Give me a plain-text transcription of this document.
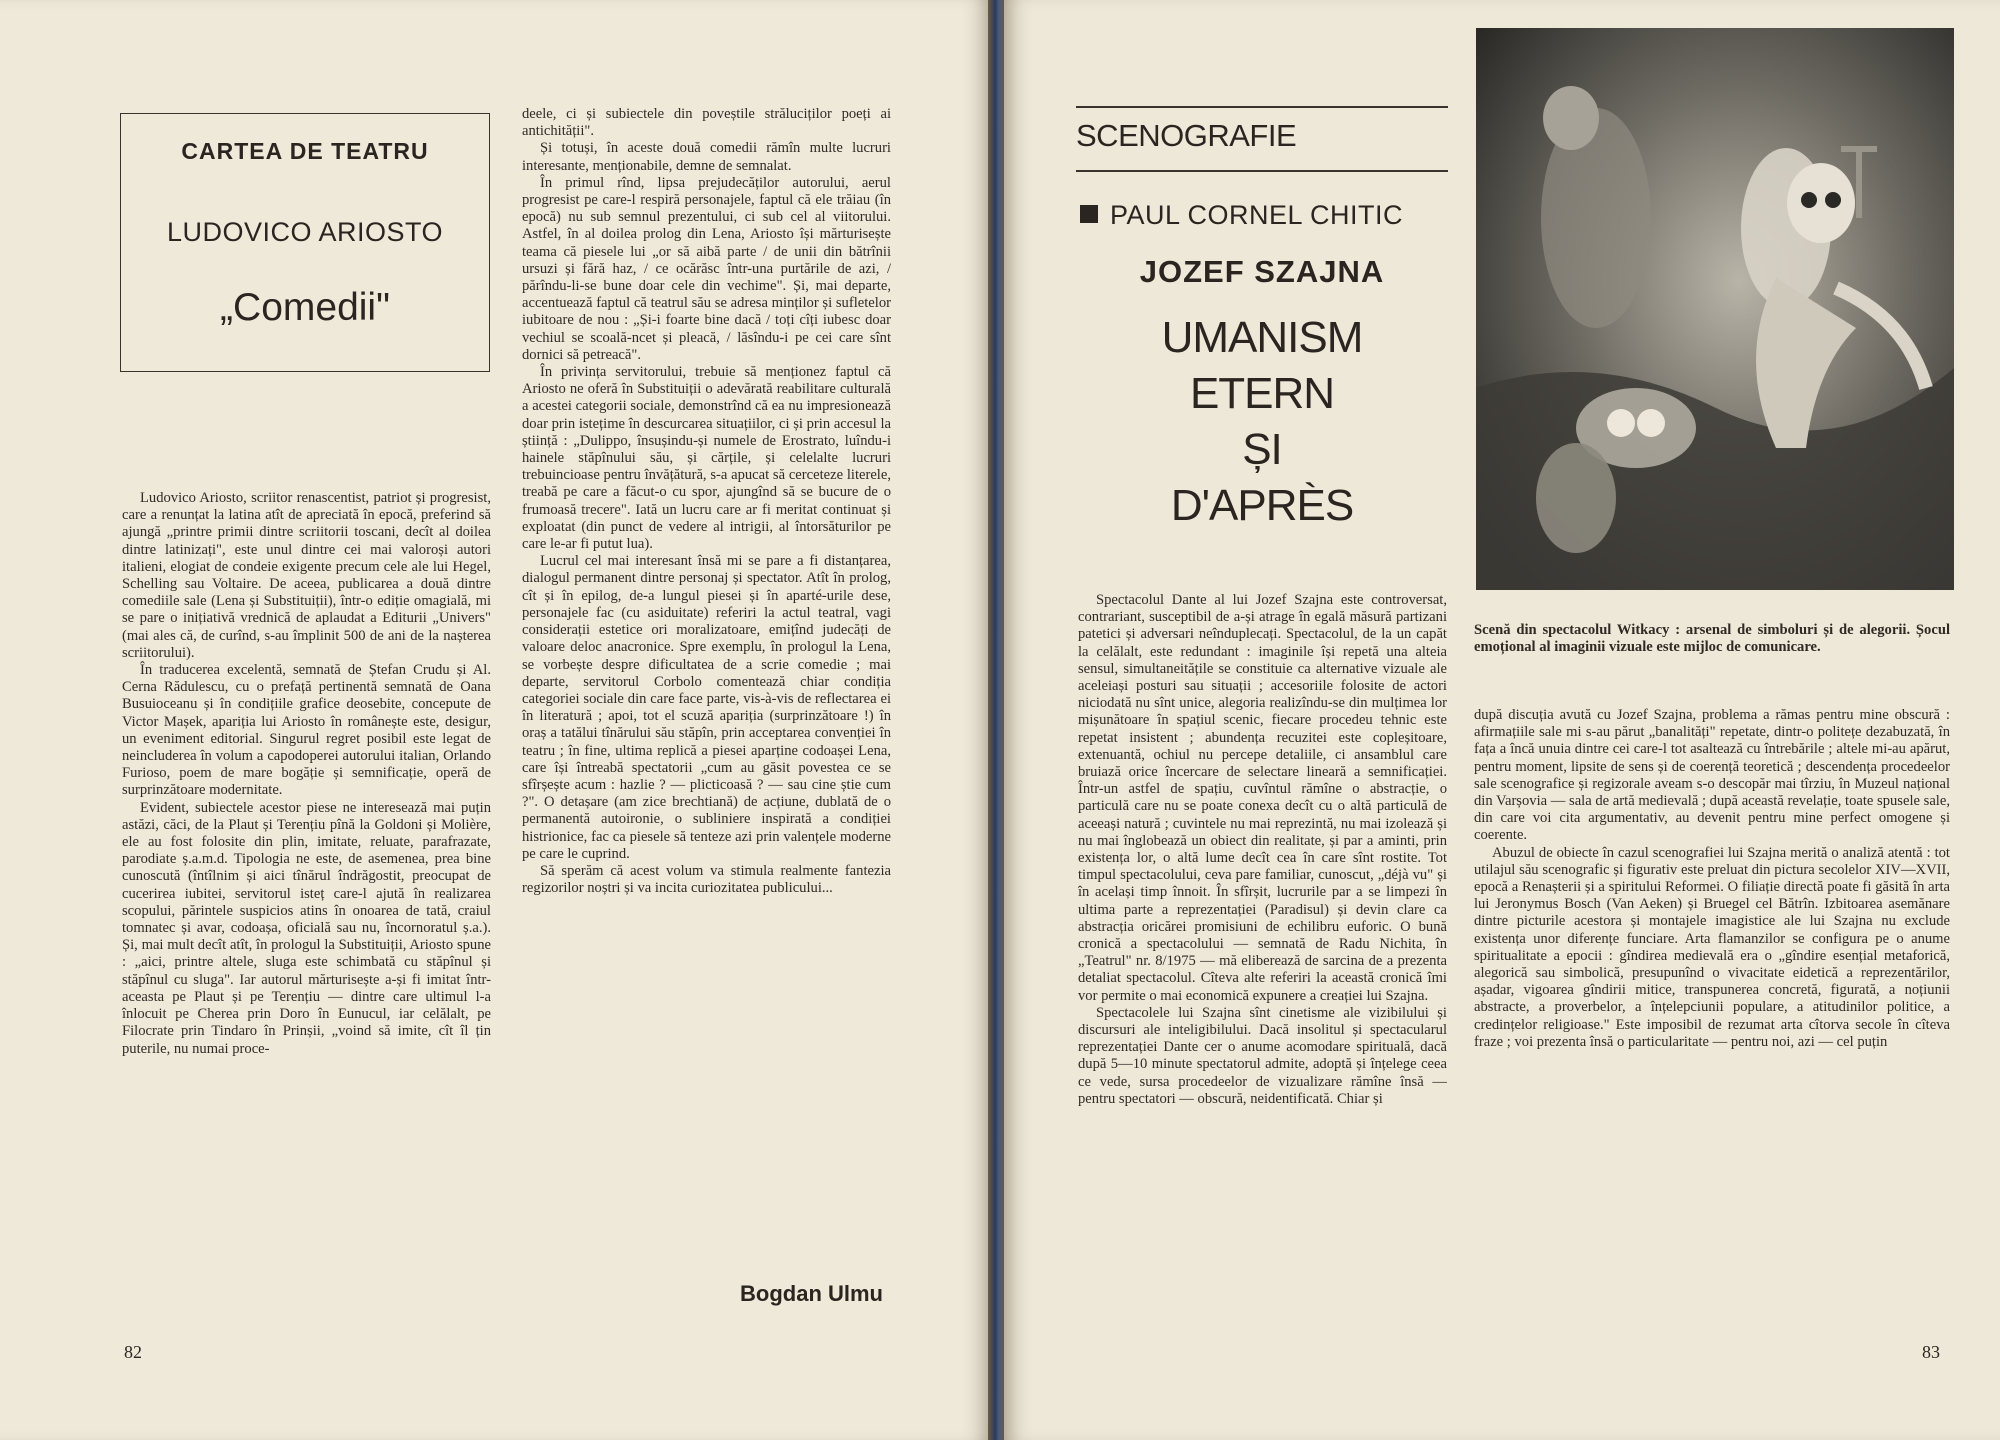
CARTEA DE TEATRU
LUDOVICO ARIOSTO
„Comedii"

Ludovico Ariosto, scriitor renascentist, patriot și progresist, care a renunțat la latina atît de apreciată în epocă, preferind să ajungă „printre primii dintre scriitorii toscani, decît al doilea dintre latinizați", este unul dintre cei mai valoroși autori italieni, elogiat de condeie exigente precum cele ale lui Hegel, Schelling sau Voltaire. De aceea, publicarea a două dintre comediile sale (Lena și Substituiții), într-o ediție omagială, mi se pare o inițiativă vrednică de aplaudat a Editurii „Univers" (mai ales că, de curînd, s-au împlinit 500 de ani de la nașterea scriitorului).

În traducerea excelentă, semnată de Ștefan Crudu și Al. Cerna Rădulescu, cu o prefață pertinentă semnată de Oana Busuioceanu și în condițiile grafice deosebite, concepute de Victor Mașek, apariția lui Ariosto în românește este, desigur, un eveniment editorial. Singurul regret posibil este legat de neincluderea în volum a capodoperei autorului italian, Orlando Furioso, poem de mare bogăție și semnificație, operă de surprinzătoare modernitate.

Evident, subiectele acestor piese ne interesează mai puțin astăzi, căci, de la Plaut și Terențiu pînă la Goldoni și Molière, ele au fost folosite din plin, imitate, reluate, parafrazate, parodiate ș.a.m.d. Tipologia ne este, de asemenea, prea bine cunoscută (întîlnim și aici tînărul îndrăgostit, preocupat de cucerirea iubitei, servitorul isteț care-l ajută în realizarea scopului, părintele suspicios atins în onoarea de tată, craiul tomnatec și avar, codoașa, oficială sau nu, încornoratul ș.a.). Și, mai mult decît atît, în prologul la Substituiții, Ariosto spune : „aici, printre altele, sluga este schimbată cu stăpînul și stăpînul cu sluga". Iar autorul mărturisește a-și fi imitat într-aceasta pe Plaut și pe Terențiu — dintre care ultimul l-a înlocuit pe Cherea prin Doro în Eunucul, iar celălalt, pe Filocrate prin Tindaro în Prinșii, „voind să imite, cît îl țin puterile, nu numai proce-

deele, ci și subiectele din poveștile străluciților poeți ai antichității".

Și totuși, în aceste două comedii rămîn multe lucruri interesante, menționabile, demne de semnalat.

În primul rînd, lipsa prejudecăților autorului, aerul progresist pe care-l respiră personajele, faptul că ele trăiau (în epocă) nu sub semnul prezentului, ci sub cel al viitorului. Astfel, în al doilea prolog din Lena, Ariosto își mărturisește teama că piesele lui „or să aibă parte / de unii din bătrînii ursuzi și fără haz, / ce ocărăsc într-una purtările de azi, / părîndu-li-se bune doar cele din vechime". Și, mai departe, accentuează faptul că teatrul său se adresa minților și sufletelor iubitoare de nou : „Și-i foarte bine dacă / toți cîți iubesc doar vechiul se scoală-ncet și pleacă, / lăsîndu-i pe cei care sînt dornici să petreacă".

În privința servitorului, trebuie să menționez faptul că Ariosto ne oferă în Substituiții o adevărată reabilitare culturală a acestei categorii sociale, demonstrînd că ea nu impresionează doar prin istețime în descurcarea situațiilor, ci și prin accesul la știință : „Dulippo, însușindu-și numele de Erostrato, luîndu-i hainele stăpînului său, și cărțile, și celelalte lucruri trebuincioase pentru învățătură, s-a apucat să cerceteze literele, treabă pe care a făcut-o cu spor, ajungînd să se bucure de o frumoasă trecere". Iată un lucru care ar fi meritat continuat și exploatat (din punct de vedere al intrigii, al întorsăturilor pe care le-ar fi putut lua).

Lucrul cel mai interesant însă mi se pare a fi distanțarea, dialogul permanent dintre personaj și spectator. Atît în prolog, cît și în epilog, de-a lungul piesei și în aparté-urile dese, personajele fac (cu asiduitate) referiri la actul teatral, vagi considerații estetice ori moralizatoare, emițînd judecăți de valoare deloc anacronice. Spre exemplu, în prologul la Lena, se vorbește despre dificultatea de a scrie comedie ; mai departe, servitorul Corbolo comentează chiar condiția categoriei sociale din care face parte, vis-à-vis de reflectarea ei în literatură ; apoi, tot el scuză apariția (surprinzătoare !) în oraș a tatălui tînărului său stăpîn, prin acceptarea convenției în teatru ; în fine, ultima replică a piesei aparține codoașei Lena, care își întreabă spectatorii „cum au găsit povestea ce se sfîrșește acum : hazlie ? — plicticoasă ? — sau cine știe cum ?". O detașare (am zice brechtiană) de acțiune, dublată de o permanentă autoironie, o subliniere inspirată a condiției histrionice, fac ca piesele să tenteze azi prin valențele moderne pe care le cuprind.

Să sperăm că acest volum va stimula realmente fantezia regizorilor noștri și va incita curiozitatea publicului...

Bogdan Ulmu
82
SCENOGRAFIE
PAUL CORNEL CHITIC
JOZEF SZAJNA
UMANISM
ETERN
ȘI
D'APRÈS
Scenă din spectacolul Witkacy : arsenal de simboluri și de alegorii. Șocul emoțional al imaginii vizuale este mijloc de comunicare.

Spectacolul Dante al lui Jozef Szajna este controversat, contrariant, susceptibil de a-și atrage în egală măsură partizani patetici și adversari neînduplecați. Spectacolul, de la un capăt la celălalt, este redundant : imaginile își repetă una alteia sensul, simultaneitățile se constituie ca alternative vizuale ale aceleiași posturi sau situații ; accesoriile folosite de actori niciodată nu sînt unice, alegoria realizîndu-se din mulțimea lor mișunătoare în spațiul scenic, fiecare procedeu tehnic este repetat insistent ; abundența recuzitei este copleșitoare, extenuantă, ochiul nu percepe detaliile, ci ansamblul care bruiază orice încercare de selectare lineară a semnificației. Într-un astfel de spațiu, cuvîntul rămîne o abstracție, o particulă care nu se poate conexa decît cu o altă particulă de aceeași natură ; cuvintele nu mai reprezintă, nu mai izolează și nu mai înglobează un obiect din realitate, și par a aminti, prin existența lor, o altă lume decît cea în care sînt rostite. Tot timpul spectacolului, ceva pare familiar, cunoscut, „déjà vu" și în același timp înnoit. În sfîrșit, lucrurile par a se limpezi în ultima parte a reprezentației (Paradisul) și devin clare ca abstracția oricărei promisiuni de echilibru euforic. O bună cronică a spectacolului — semnată de Radu Nichita, în „Teatrul" nr. 8/1975 — mă eliberează de sarcina de a prezenta detaliat spectacolul. Cîteva alte referiri la această cronică îmi vor permite o mai economică expunere a creației lui Szajna.

Spectacolele lui Szajna sînt cinetisme ale vizibilului și discursuri ale inteligibilului. Dacă insolitul și spectacularul reprezentației Dante cer o anume acomodare spirituală, dacă după 5—10 minute spectatorul admite, adoptă și înțelege ceea ce vede, sursa procedeelor de vizualizare rămîne însă — pentru spectatori — obscură, neidentificată. Chiar și

după discuția avută cu Jozef Szajna, problema a rămas pentru mine obscură : afirmațiile sale mi s-au părut „banalități" repetate, dintr-o politețe dezabuzată, în fața a încă unuia dintre cei care-l tot asaltează cu întrebările ; altele mi-au apărut, pentru moment, lipsite de sens și de coerență teoretică ; descendența procedeelor sale scenografice și regizorale aveam s-o descopăr mai tîrziu, în Muzeul național din Varșovia — sala de artă medievală ; după această revelație, toate spusele sale, din care voi cita argumentativ, au devenit pentru mine perfect omogene și coerente.

Abuzul de obiecte în cazul scenografiei lui Szajna merită o analiză atentă : tot utilajul său scenografic și figurativ este preluat din pictura secolelor XIV—XVII, epocă a Renașterii și a spiritului Reformei. O filiație directă poate fi găsită în arta lui Jeronymus Bosch (Van Aeken) și Bruegel cel Bătrîn. Izbitoarea asemănare dintre picturile acestora și montajele imagistice ale lui Szajna nu exclude existența unor diferențe funciare. Arta flamanzilor se configura pe o anume spiritualitate a epocii : gîndirea medievală era o „gîndire esențial metaforică, alegorică sau simbolică, presupunînd o vivacitate eidetică a reprezentărilor, așadar, vigoarea gîndirii mitice, transpunerea concretă, figurată, a noțiunii abstracte, a proverbelor, a înțelepciunii populare, a atitudinilor politice, a credințelor religioase." Este imposibil de rezumat arta cîtorva secole în cîteva fraze ; voi prezenta însă o particularitate — pentru noi, azi — cel puțin

83
